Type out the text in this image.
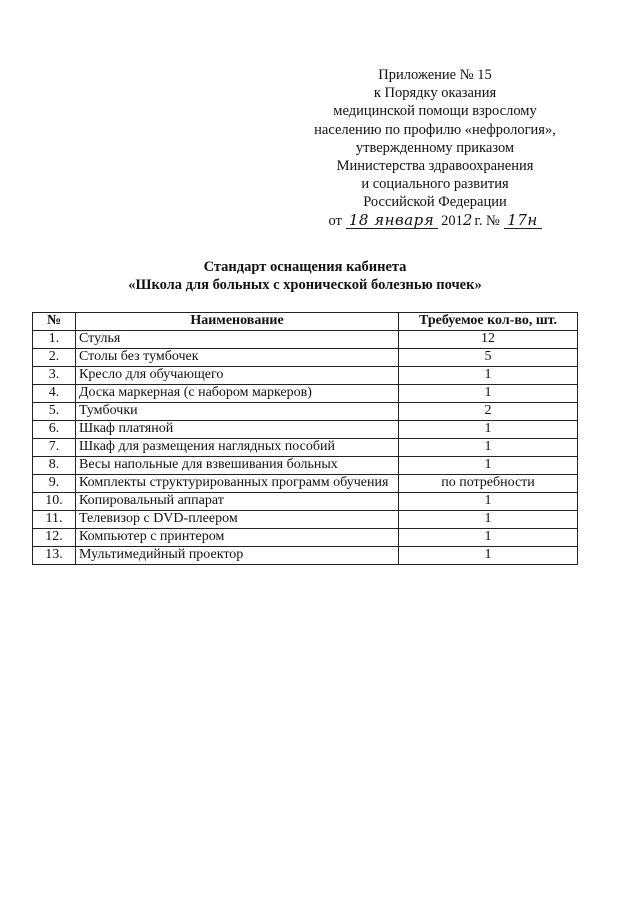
Приложение № 15
к Порядку оказания
медицинской помощи взрослому
населению по профилю «нефрология»,
утвержденному приказом
Министерства здравоохранения
и социального развития
Российской Федерации
от 18 января 2012 г. № 17н
Стандарт оснащения кабинета
«Школа для больных с хронической болезнью почек»
№	Наименование	Требуемое кол-во, шт.
1.	Стулья	12
2.	Столы без тумбочек	5
3.	Кресло для обучающего	1
4.	Доска маркерная (с набором маркеров)	1
5.	Тумбочки	2
6.	Шкаф платяной	1
7.	Шкаф для размещения наглядных пособий	1
8.	Весы напольные для взвешивания больных	1
9.	Комплекты структурированных программ обучения	по потребности
10.	Копировальный аппарат	1
11.	Телевизор с DVD-плеером	1
12.	Компьютер с принтером	1
13.	Мультимедийный проектор	1
